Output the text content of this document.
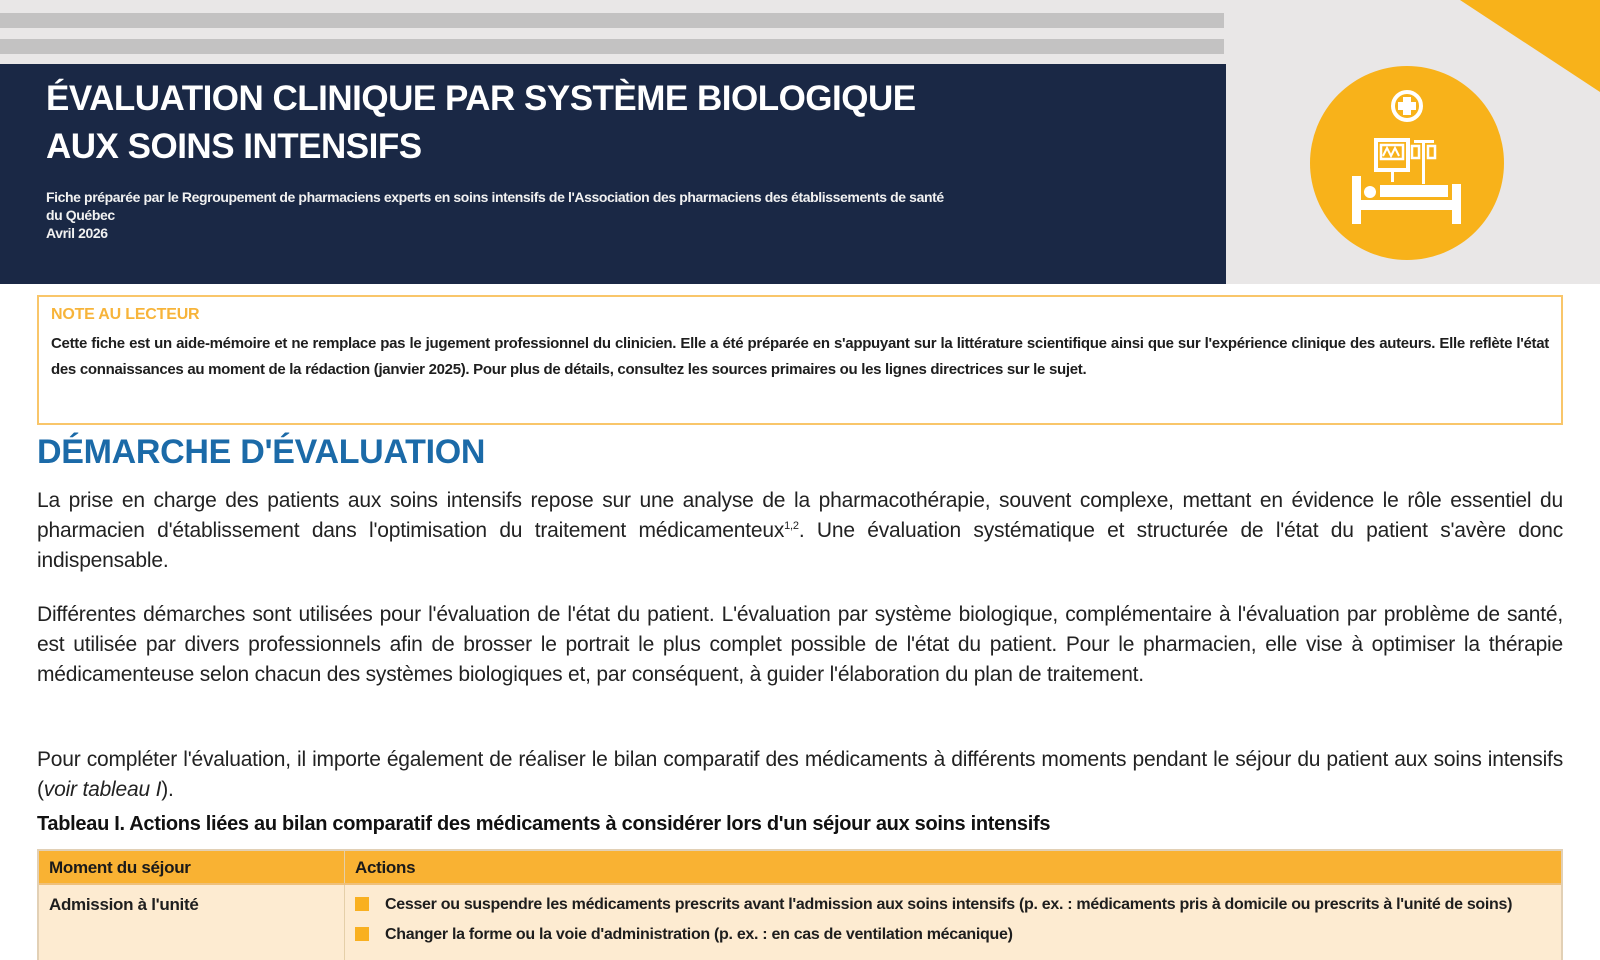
ÉVALUATION CLINIQUE PAR SYSTÈME BIOLOGIQUE
AUX SOINS INTENSIFS
Fiche préparée par le Regroupement de pharmaciens experts en soins intensifs de l'Association des pharmaciens des établissements de santé
du Québec
Avril 2026
NOTE AU LECTEUR
Cette fiche est un aide-mémoire et ne remplace pas le jugement professionnel du clinicien. Elle a été préparée en s'appuyant sur la littérature scientifique ainsi que sur l'expérience clinique des auteurs. Elle reflète l'état des connaissances au moment de la rédaction (janvier 2025). Pour plus de détails, consultez les sources primaires ou les lignes directrices sur le sujet.
DÉMARCHE D'ÉVALUATION
La prise en charge des patients aux soins intensifs repose sur une analyse de la pharmacothérapie, souvent complexe, mettant en évidence le rôle essentiel du pharmacien d'établissement dans l'optimisation du traitement médicamenteux$^{1,2}$. Une évaluation systématique et structurée de l'état du patient s'avère donc indispensable.
Différentes démarches sont utilisées pour l'évaluation de l'état du patient. L'évaluation par système biologique, complémentaire à l'évaluation par problème de santé, est utilisée par divers professionnels afin de brosser le portrait le plus complet possible de l'état du patient. Pour le pharmacien, elle vise à optimiser la thérapie médicamenteuse selon chacun des systèmes biologiques et, par conséquent, à guider l'élaboration du plan de traitement.
Pour compléter l'évaluation, il importe également de réaliser le bilan comparatif des médicaments à différents moments pendant le séjour du patient aux soins intensifs (voir tableau I).
Tableau I. Actions liées au bilan comparatif des médicaments à considérer lors d'un séjour aux soins intensifs
Moment du séjour	Actions
Admission à l'unité	Cesser ou suspendre les médicaments prescrits avant l'admission aux soins intensifs (p. ex. : médicaments pris à domicile ou prescrits à l'unité de soins)
Changer la forme ou la voie d'administration (p. ex. : en cas de ventilation mécanique)
